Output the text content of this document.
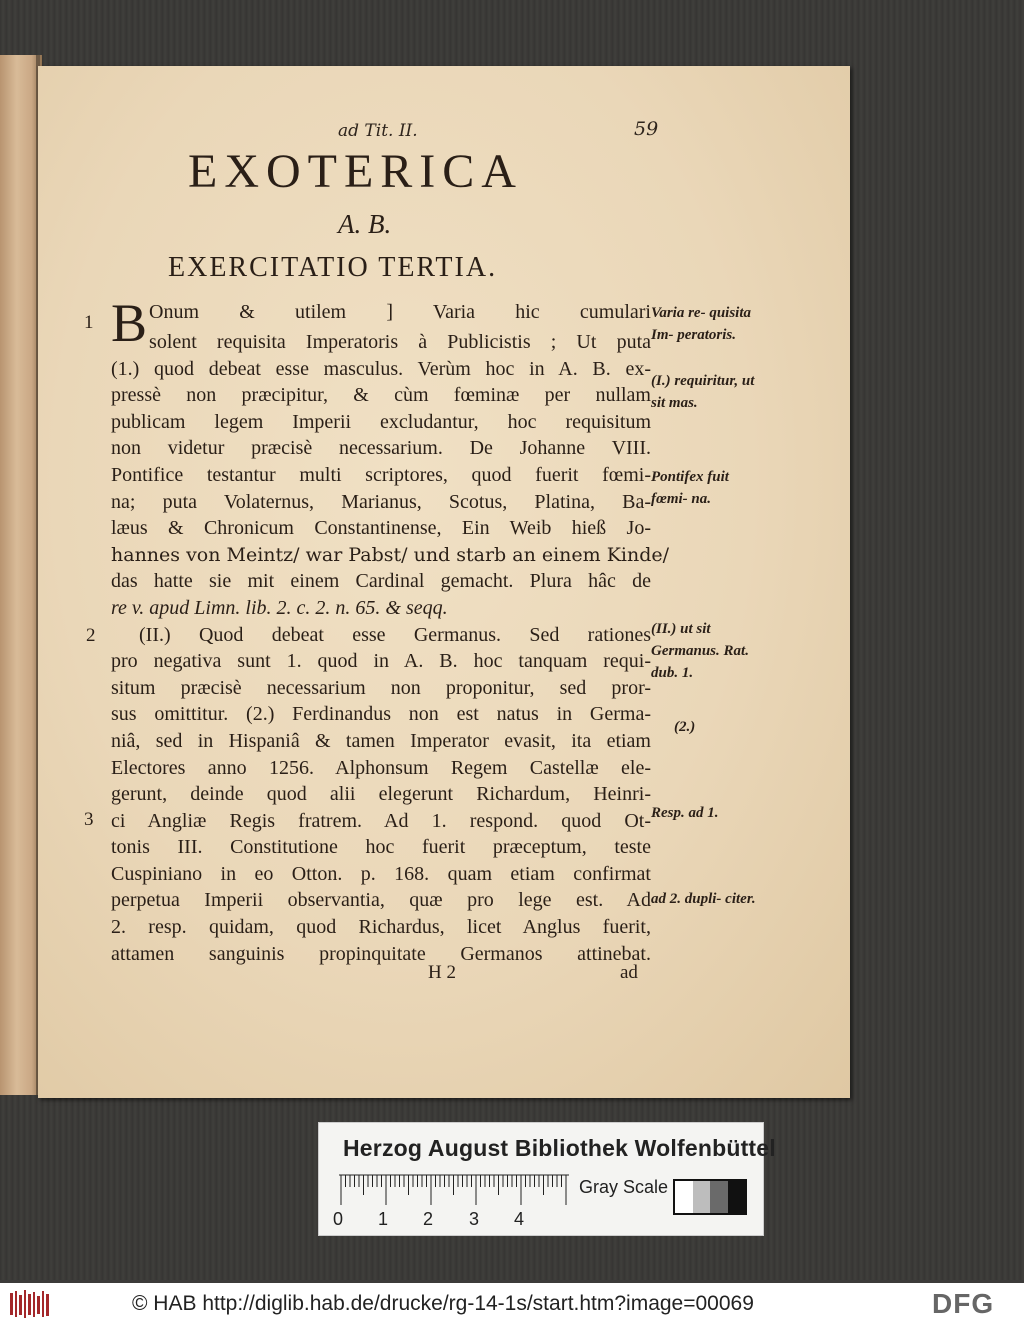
ad Tit. II.	59
EXOTERICA
A. B.
EXERCITATIO TERTIA.
1
2
3
B Onum & utilem ] Varia hic cumulari
solent requisita Imperatoris à Publicistis ; Ut puta
(1.) quod debeat esse masculus. Verùm hoc in A. B. ex-
pressè non præcipitur, & cùm fœminæ per nullam
publicam legem Imperii excludantur, hoc requisitum
non videtur præcisè necessarium. De Johanne VIII.
Pontifice testantur multi scriptores, quod fuerit fœmi-
na; puta Volaternus, Marianus, Scotus, Platina, Ba-
læus & Chronicum Constantinense, Ein Weib hieß Jo-
hannes von Meintz/ war Pabst/ und starb an einem Kinde/
das hatte sie mit einem Cardinal gemacht. Plura hâc de
re v. apud Limn. lib. 2. c. 2. n. 65. & seqq.
(II.) Quod debeat esse Germanus. Sed rationes
pro negativa sunt 1. quod in A. B. hoc tanquam requi-
situm præcisè necessarium non proponitur, sed pror-
sus omittitur. (2.) Ferdinandus non est natus in Germa-
niâ, sed in Hispaniâ & tamen Imperator evasit, ita etiam
Electores anno 1256. Alphonsum Regem Castellæ ele-
gerunt, deinde quod alii elegerunt Richardum, Heinri-
ci Angliæ Regis fratrem. Ad 1. respond. quod Ot-
tonis III. Constitutione hoc fuerit præceptum, teste
Cuspiniano in eo Otton. p. 168. quam etiam confirmat
perpetua Imperii observantia, quæ pro lege est. Ad
2. resp. quidam, quod Richardus, licet Anglus fuerit,
attamen sanguinis propinquitate Germanos attinebat.
Varia re- quisita Im- peratoris.
(I.) requiritur, ut sit mas.
Pontifex fuit fœmi- na.
(II.) ut sit Germanus. Rat. dub. 1.
(2.)
Resp. ad 1.
ad 2. dupli- citer.
H 2	ad
Herzog August Bibliothek Wolfenbüttel
Gray Scale
0 1 2 3 4
© HAB http://diglib.hab.de/drucke/rg-14-1s/start.htm?image=00069	DFG
